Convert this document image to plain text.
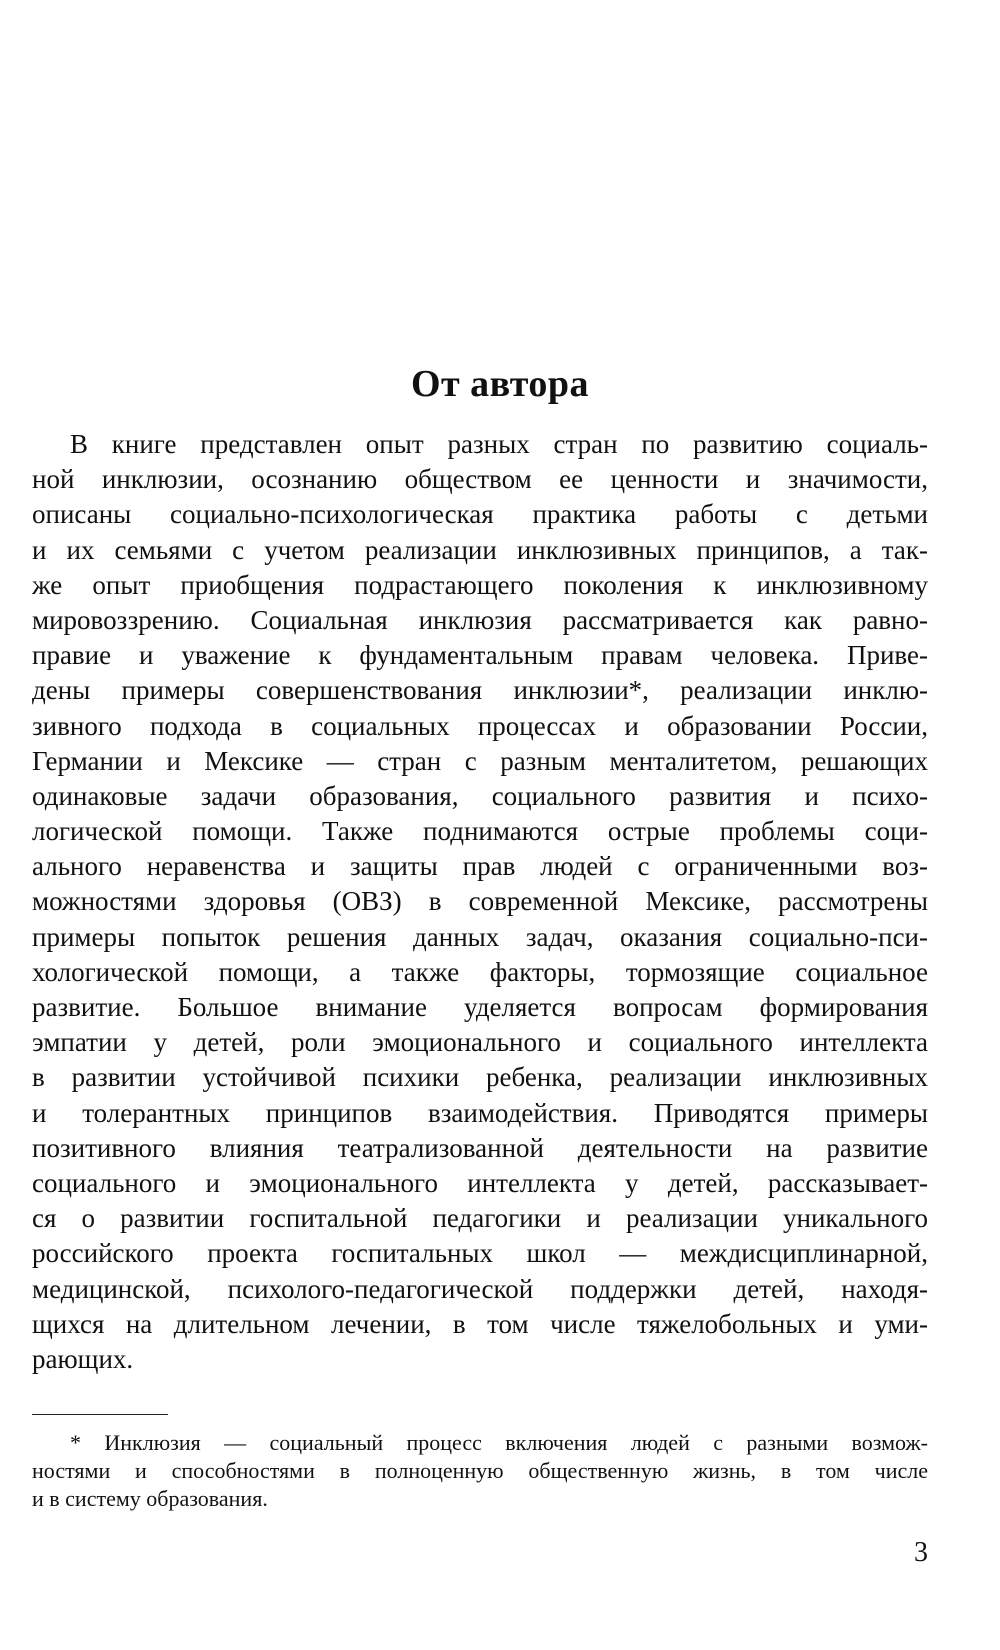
От автора
В книге представлен опыт разных стран по развитию социаль-
ной инклюзии, осознанию обществом ее ценности и значимости,
описаны социально-психологическая практика работы с детьми
и их семьями с учетом реализации инклюзивных принципов, а так-
же опыт приобщения подрастающего поколения к инклюзивному
мировоззрению. Социальная инклюзия рассматривается как равно-
правие и уважение к фундаментальным правам человека. Приве-
дены примеры совершенствования инклюзии*, реализации инклю-
зивного подхода в социальных процессах и образовании России,
Германии и Мексике — стран с разным менталитетом, решающих
одинаковые задачи образования, социального развития и психо-
логической помощи. Также поднимаются острые проблемы соци-
ального неравенства и защиты прав людей с ограниченными воз-
можностями здоровья (ОВЗ) в современной Мексике, рассмотрены
примеры попыток решения данных задач, оказания социально-пси-
хологической помощи, а также факторы, тормозящие социальное
развитие. Большое внимание уделяется вопросам формирования
эмпатии у детей, роли эмоционального и социального интеллекта
в развитии устойчивой психики ребенка, реализации инклюзивных
и толерантных принципов взаимодействия. Приводятся примеры
позитивного влияния театрализованной деятельности на развитие
социального и эмоционального интеллекта у детей, рассказывает-
ся о развитии госпитальной педагогики и реализации уникального
российского проекта госпитальных школ — междисциплинарной,
медицинской, психолого-педагогической поддержки детей, находя-
щихся на длительном лечении, в том числе тяжелобольных и уми-
рающих.
* Инклюзия — социальный процесс включения людей с разными возмож-
ностями и способностями в полноценную общественную жизнь, в том числе
и в систему образования.
3
